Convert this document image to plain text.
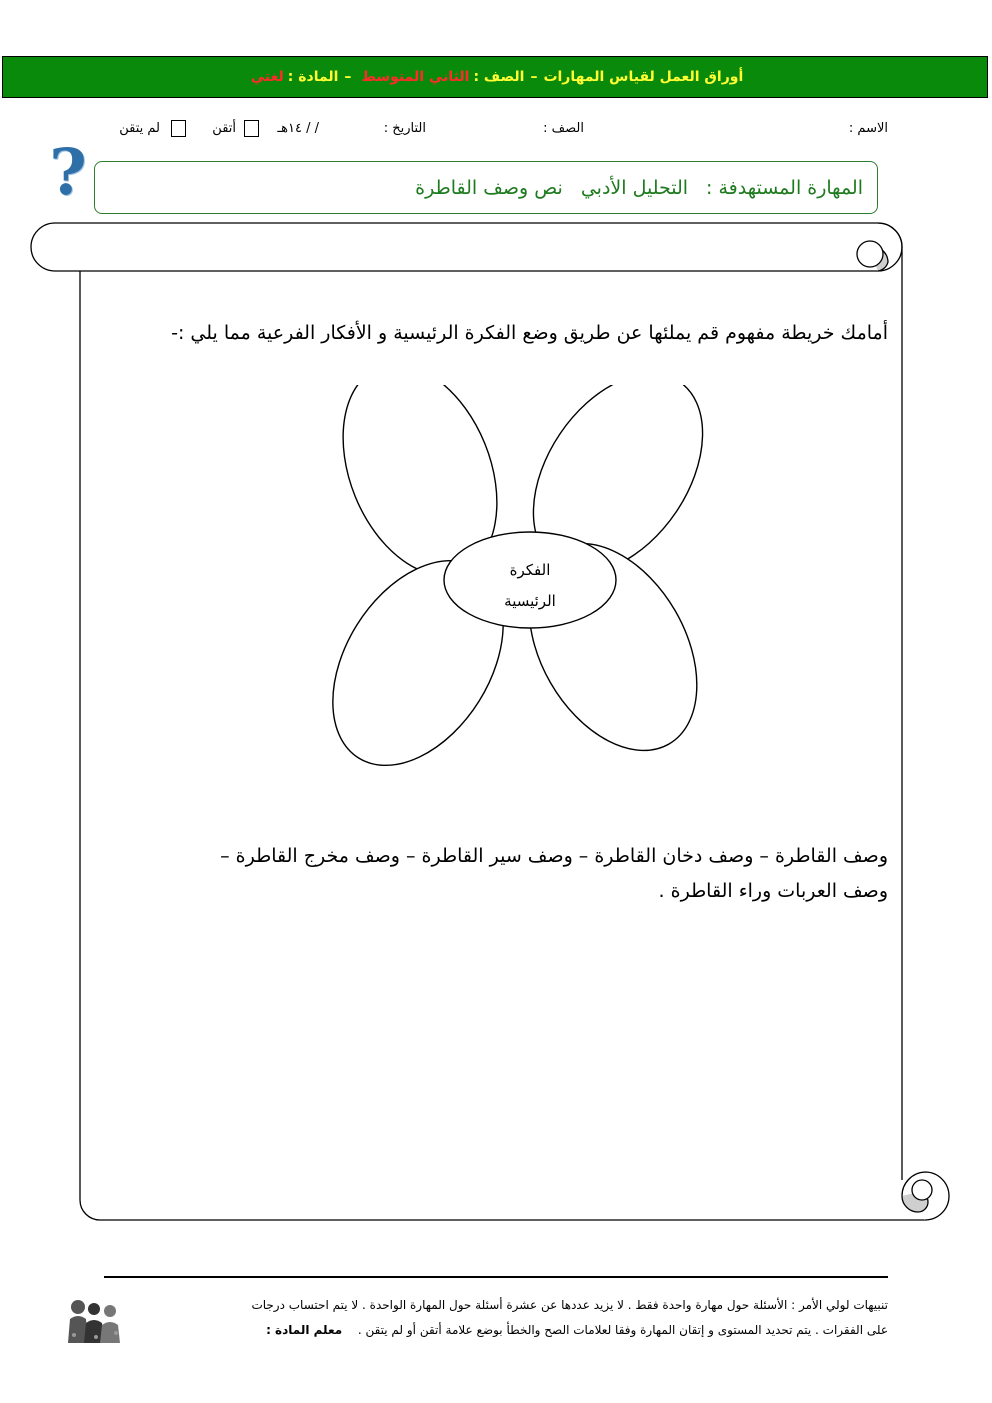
أوراق العمل لقياس المهارات
–
الصف :
الثاني المتوسط
–
المادة :
لغتي
الاسم :
الصف :
التاريخ :
/ / ١٤هـ
أتقن
لم يتقن
?	المهارة المستهدفة :
التحليل الأدبي
نص وصف القاطرة
أمامك خريطة مفهوم قم يملئها عن طريق وضع الفكرة الرئيسية و الأفكار الفرعية مما يلي :-
الفكرة
الرئيسية
وصف القاطرة – وصف دخان القاطرة – وصف سير القاطرة – وصف مخرج القاطرة –
وصف العربات وراء القاطرة .
تنبيهات لولي الأمر : الأسئلة حول مهارة واحدة فقط . لا يزيد عددها عن عشرة أسئلة حول المهارة الواحدة . لا يتم احتساب درجات
على الفقرات . يتم تحديد المستوى و إتقان المهارة وفقا لعلامات الصح والخطأ بوضع علامة أتقن أو لم يتقن .  معلم المادة :
